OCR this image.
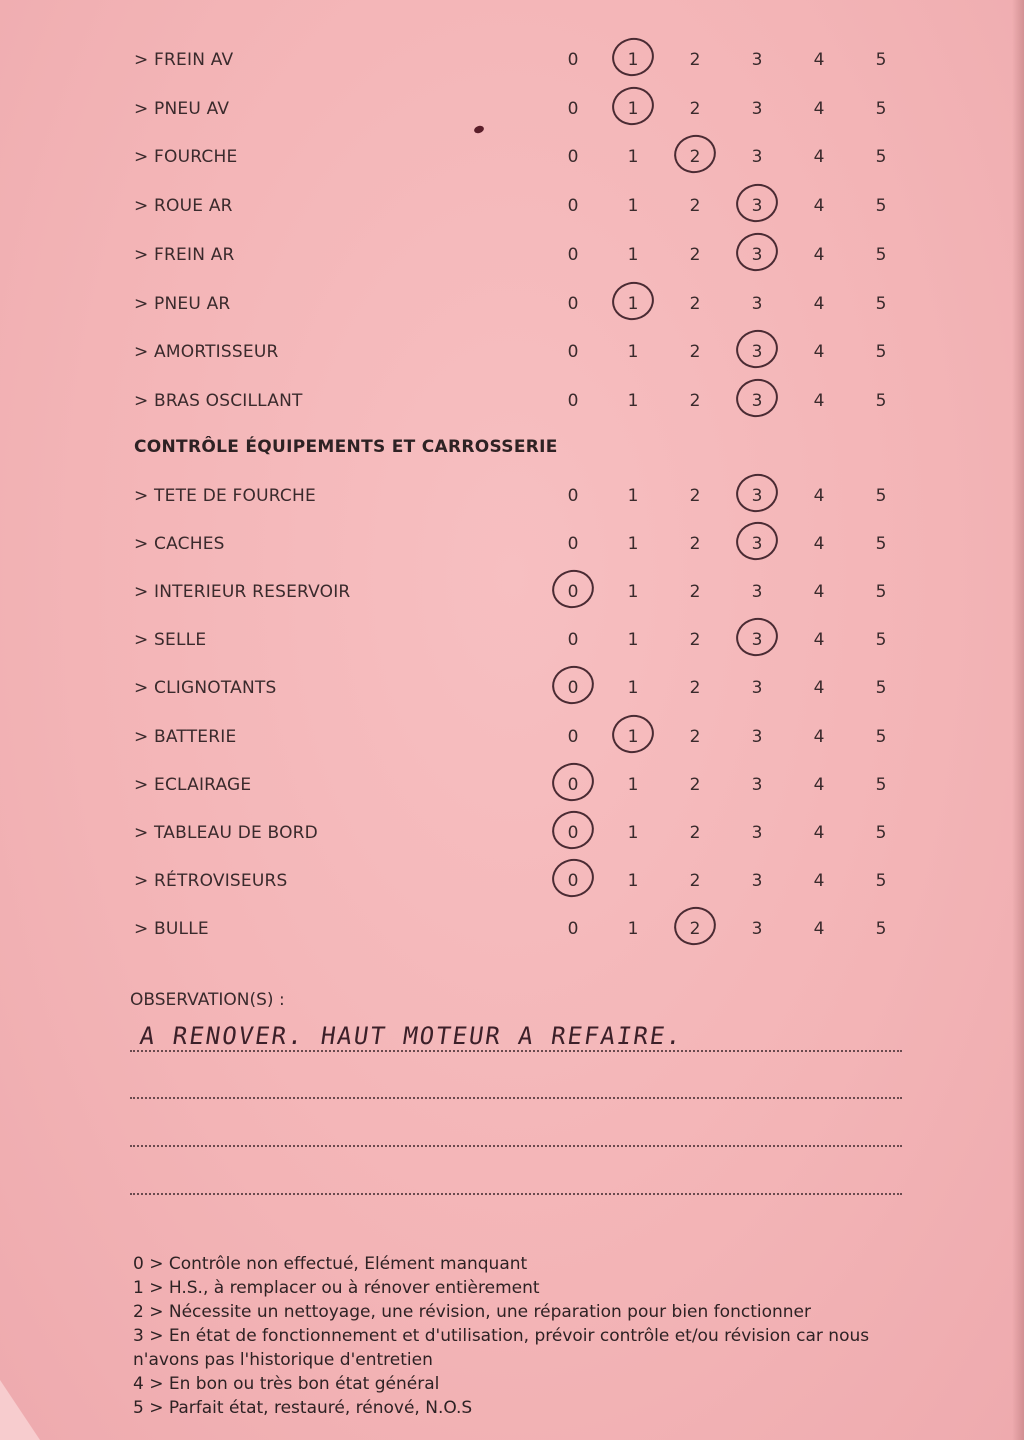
> FREIN AV	0	1	2	3	4	5
> PNEU AV	0	1	2	3	4	5
> FOURCHE	0	1	2	3	4	5
> ROUE AR	0	1	2	3	4	5
> FREIN AR	0	1	2	3	4	5
> PNEU AR	0	1	2	3	4	5
> AMORTISSEUR	0	1	2	3	4	5
> BRAS OSCILLANT	0	1	2	3	4	5
CONTRÔLE ÉQUIPEMENTS ET CARROSSERIE
> TETE DE FOURCHE	0	1	2	3	4	5
> CACHES	0	1	2	3	4	5
> INTERIEUR RESERVOIR	0	1	2	3	4	5
> SELLE	0	1	2	3	4	5
> CLIGNOTANTS	0	1	2	3	4	5
> BATTERIE	0	1	2	3	4	5
> ECLAIRAGE	0	1	2	3	4	5
> TABLEAU DE BORD	0	1	2	3	4	5
> RÉTROVISEURS	0	1	2	3	4	5
> BULLE	0	1	2	3	4	5
OBSERVATION(S) :
A RENOVER. HAUT MOTEUR A REFAIRE.
0 > Contrôle non effectué, Elément manquant
1 > H.S., à remplacer ou à rénover entièrement
2 > Nécessite un nettoyage, une révision, une réparation pour bien fonctionner
3 > En état de fonctionnement et d'utilisation, prévoir contrôle et/ou révision car nous n'avons pas l'historique d'entretien
4 > En bon ou très bon état général
5 > Parfait état, restauré, rénové, N.O.S
